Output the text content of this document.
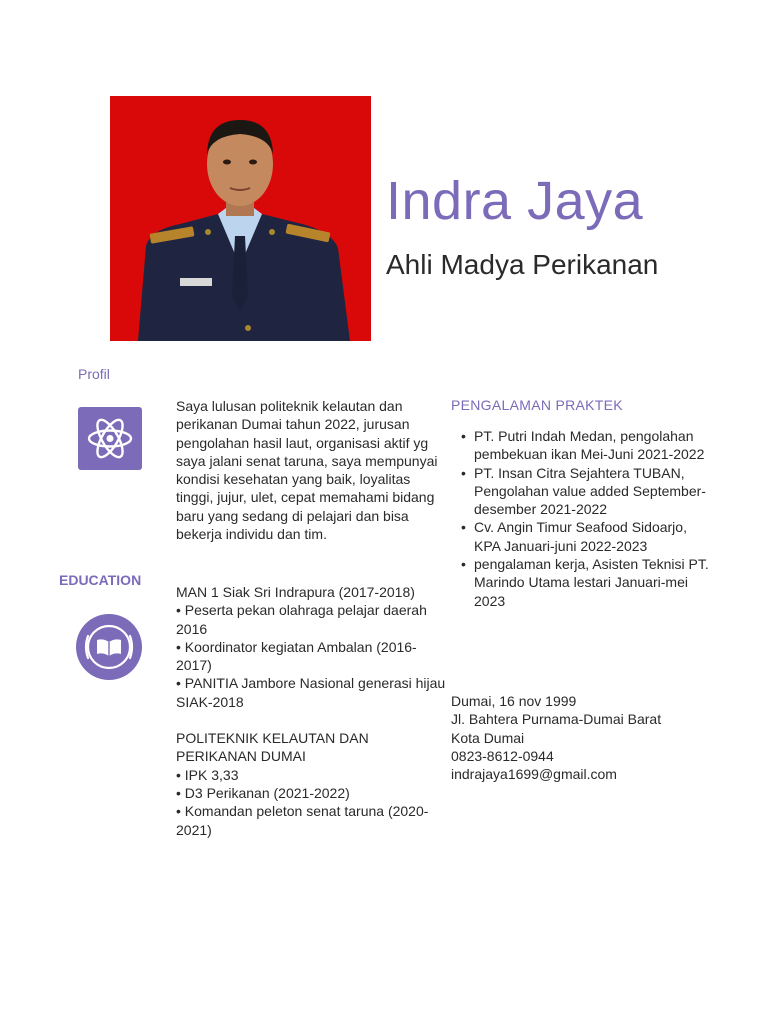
Indra Jaya
Ahli Madya Perikanan
Profil
Saya lulusan politeknik kelautan dan perikanan Dumai tahun 2022, jurusan pengolahan hasil laut, organisasi aktif yg saya jalani senat taruna, saya mempunyai kondisi kesehatan yang baik, loyalitas tinggi, jujur, ulet, cepat memahami bidang baru yang sedang di pelajari dan bisa bekerja individu dan tim.
EDUCATION

MAN 1 Siak Sri Indrapura (2017-2018)

• Peserta pekan olahraga pelajar daerah 2016

• Koordinator kegiatan Ambalan (2016-2017)

• PANITIA Jambore Nasional generasi hijau SIAK-2018

POLITEKNIK KELAUTAN DAN PERIKANAN DUMAI

• IPK 3,33

• D3 Perikanan (2021-2022)

• Komandan peleton senat taruna (2020-2021)

PENGALAMAN PRAKTEK
• PT. Putri Indah Medan, pengolahan pembekuan ikan Mei-Juni 2021-2022
• PT. Insan Citra Sejahtera TUBAN, Pengolahan value added September-desember 2021-2022
• Cv. Angin Timur Seafood Sidoarjo, KPA Januari-juni 2022-2023
• pengalaman kerja, Asisten Teknisi PT. Marindo Utama lestari Januari-mei 2023
Dumai, 16 nov 1999
Jl. Bahtera Purnama-Dumai Barat
Kota Dumai
0823-8612-0944
indrajaya1699@gmail.com
